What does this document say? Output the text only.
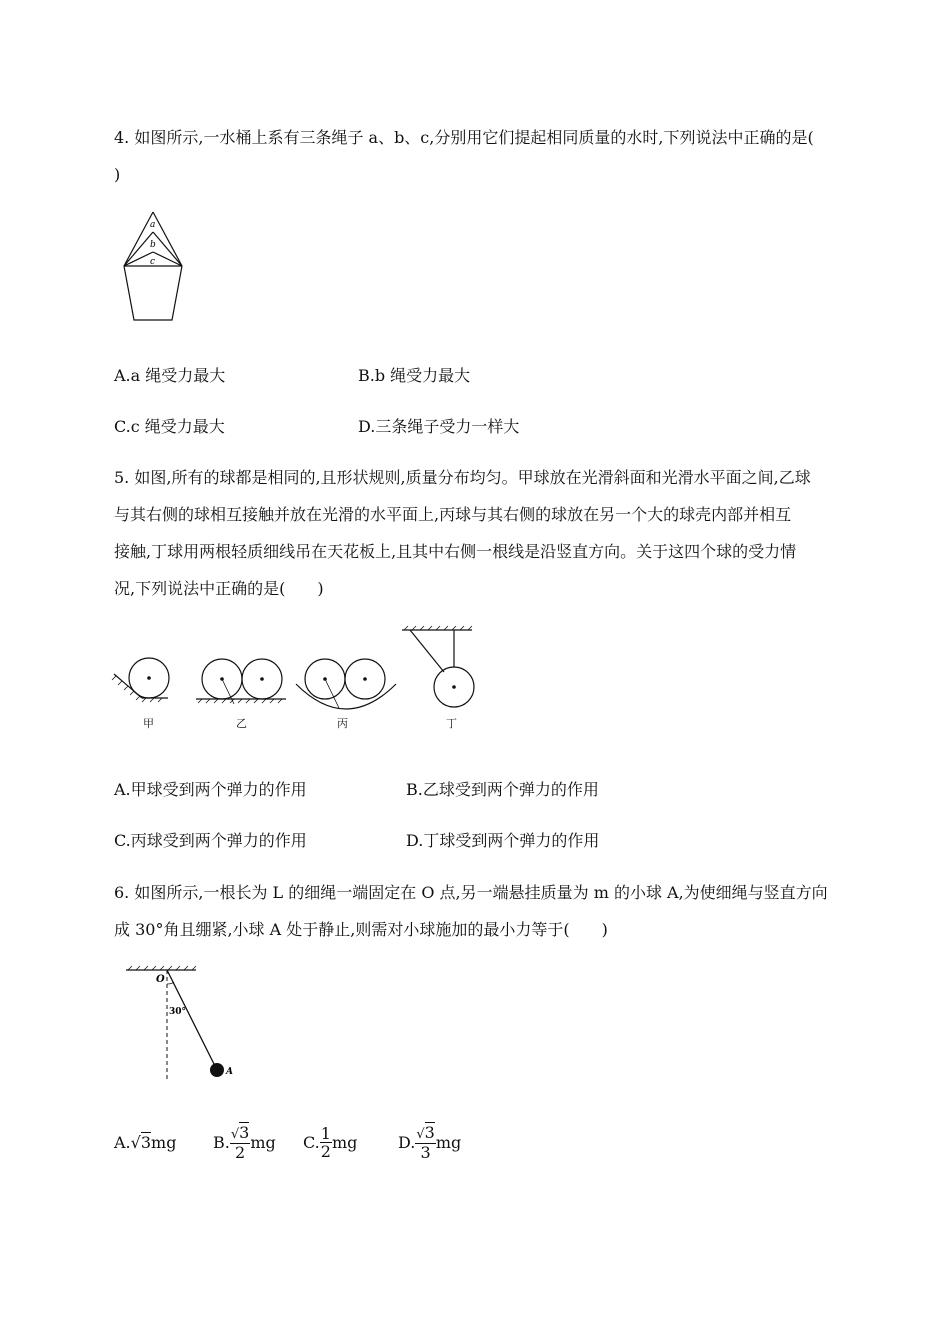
4. 如图所示,一水桶上系有三条绳子 a、b、c,分别用它们提起相同质量的水时,下列说法中正确的是(
)
a
b
c
A.a 绳受力最大	B.b 绳受力最大
C.c 绳受力最大	D.三条绳子受力一样大
5. 如图,所有的球都是相同的,且形状规则,质量分布均匀。甲球放在光滑斜面和光滑水平面之间,乙球
与其右侧的球相互接触并放在光滑的水平面上,丙球与其右侧的球放在另一个大的球壳内部并相互
接触,丁球用两根轻质细线吊在天花板上,且其中右侧一根线是沿竖直方向。关于这四个球的受力情
况,下列说法中正确的是(　　)
甲	乙	丙	丁
A.甲球受到两个弹力的作用	B.乙球受到两个弹力的作用
C.丙球受到两个弹力的作用	D.丁球受到两个弹力的作用
6. 如图所示,一根长为 L 的细绳一端固定在 O 点,另一端悬挂质量为 m 的小球 A,为使细绳与竖直方向
成 30°角且绷紧,小球 A 处于静止,则需对小球施加的最小力等于(　　)
O
30°
A
A. √ 3 mg B. $\frac{√3}{2}$ mg C. $\frac{1}{2}$ mg	D. $\frac{√3}{3}$ mg
